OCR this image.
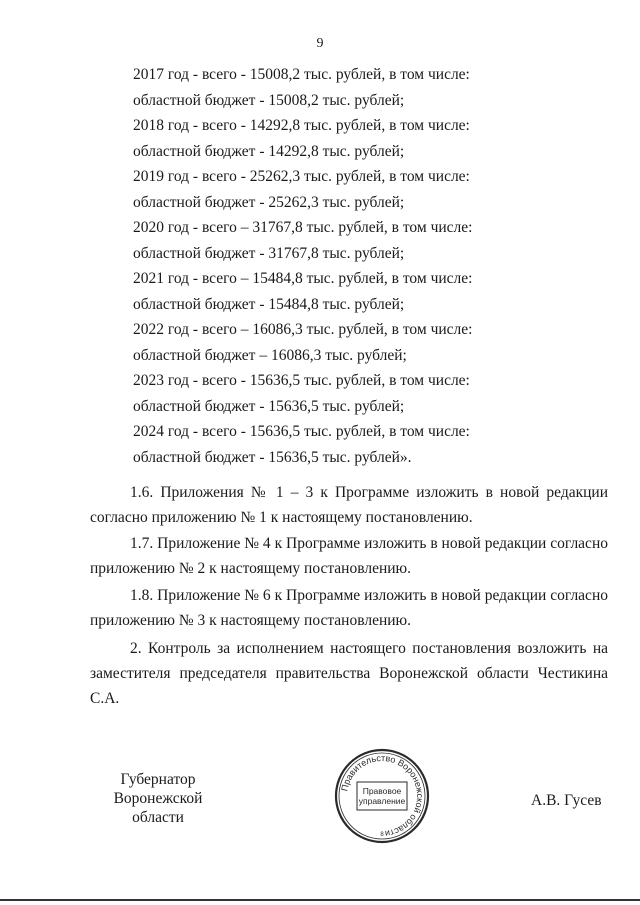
9
2017 год - всего - 15008,2 тыс. рублей, в том числе:
областной бюджет - 15008,2 тыс. рублей;
2018 год - всего - 14292,8 тыс. рублей, в том числе:
областной бюджет - 14292,8 тыс. рублей;
2019 год - всего - 25262,3 тыс. рублей, в том числе:
областной бюджет - 25262,3 тыс. рублей;
2020 год - всего – 31767,8 тыс. рублей, в том числе:
областной бюджет - 31767,8 тыс. рублей;
2021 год - всего – 15484,8 тыс. рублей, в том числе:
областной бюджет - 15484,8 тыс. рублей;
2022 год - всего – 16086,3 тыс. рублей, в том числе:
областной бюджет – 16086,3 тыс. рублей;
2023 год - всего - 15636,5 тыс. рублей, в том числе:
областной бюджет - 15636,5 тыс. рублей;
2024 год - всего - 15636,5 тыс. рублей, в том числе:
областной бюджет - 15636,5 тыс. рублей».
1.6. Приложения № 1 – 3 к Программе изложить в новой редакции согласно приложению № 1 к настоящему постановлению.
1.7. Приложение № 4 к Программе изложить в новой редакции согласно приложению № 2 к настоящему постановлению.
1.8. Приложение № 6 к Программе изложить в новой редакции согласно приложению № 3 к настоящему постановлению.
2. Контроль за исполнением настоящего постановления возложить на заместителя председателя правительства Воронежской области Честикина С.А.
Губернатор
Воронежской области
Правительство Воронежской области
Правовое
управление
8
А.В. Гусев
